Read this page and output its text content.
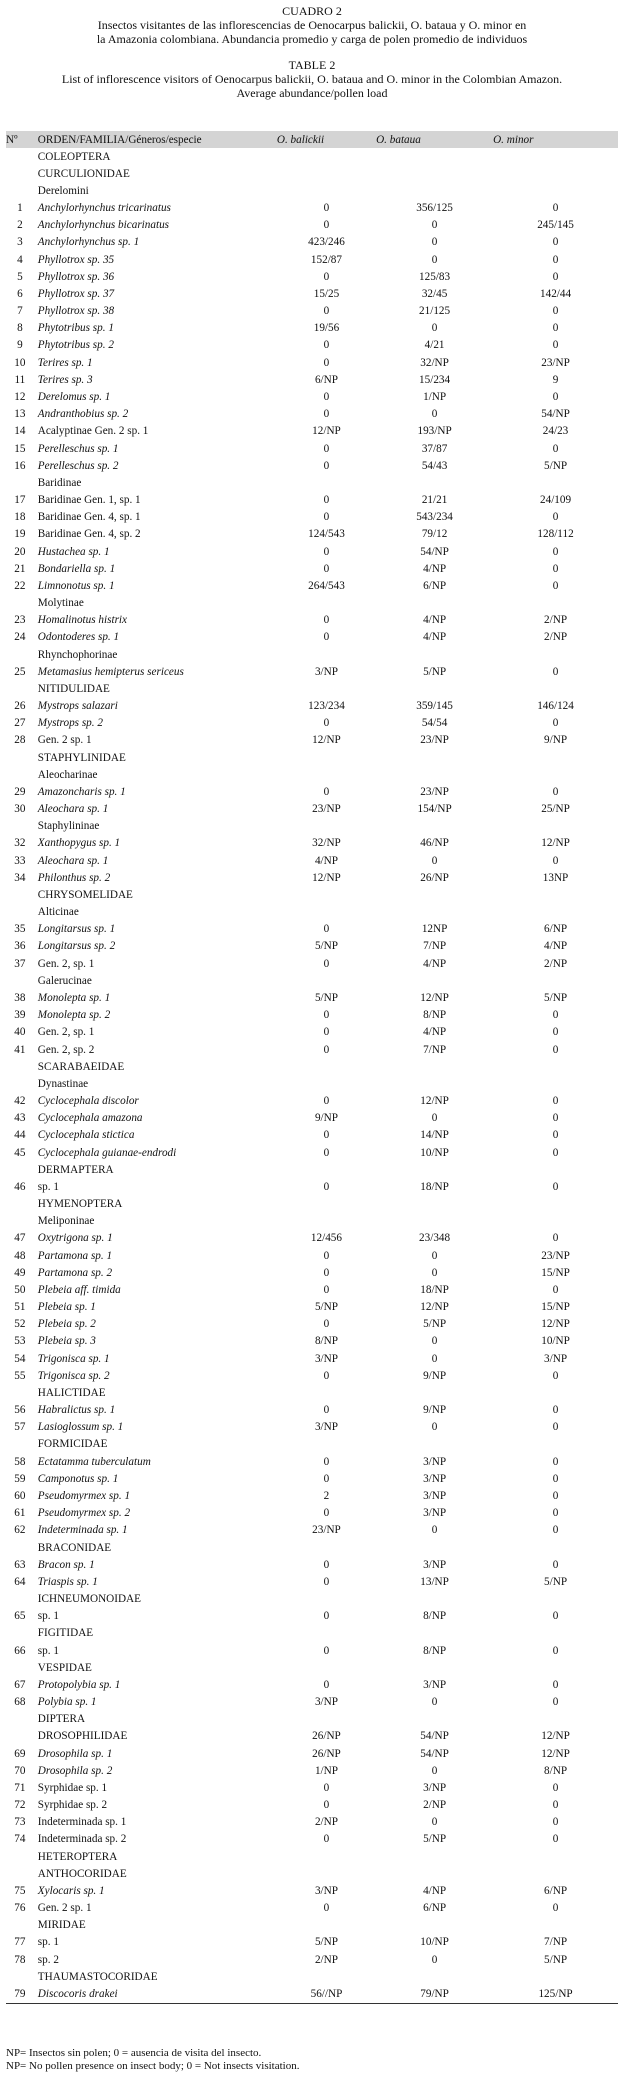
CUADRO 2
Insectos visitantes de las inflorescencias de Oenocarpus balickii, O. bataua y O. minor en
la Amazonia colombiana. Abundancia promedio y carga de polen promedio de individuos
TABLE 2
List of inflorescence visitors of Oenocarpus balickii, O. bataua and O. minor in the Colombian Amazon.
Average abundance/pollen load
Nº	ORDEN/FAMILIA/Géneros/especie	O. balickii	O. bataua	O. minor
	COLEOPTERA			
	CURCULIONIDAE			
	Derelomini			
1	Anchylorhynchus tricarinatus	0	356/125	0
2	Anchylorhynchus bicarinatus	0	0	245/145
3	Anchylorhynchus sp. 1	423/246	0	0
4	Phyllotrox sp. 35	152/87	0	0
5	Phyllotrox sp. 36	0	125/83	0
6	Phyllotrox sp. 37	15/25	32/45	142/44
7	Phyllotrox sp. 38	0	21/125	0
8	Phytotribus sp. 1	19/56	0	0
9	Phytotribus sp. 2	0	4/21	0
10	Terires sp. 1	0	32/NP	23/NP
11	Terires sp. 3	6/NP	15/234	9
12	Derelomus sp. 1	0	1/NP	0
13	Andranthobius sp. 2	0	0	54/NP
14	Acalyptinae Gen. 2 sp. 1	12/NP	193/NP	24/23
15	Perelleschus sp. 1	0	37/87	0
16	Perelleschus sp. 2	0	54/43	5/NP
	Baridinae			
17	Baridinae Gen. 1, sp. 1	0	21/21	24/109
18	Baridinae Gen. 4, sp. 1	0	543/234	0
19	Baridinae Gen. 4, sp. 2	124/543	79/12	128/112
20	Hustachea sp. 1	0	54/NP	0
21	Bondariella sp. 1	0	4/NP	0
22	Limnonotus sp. 1	264/543	6/NP	0
	Molytinae			
23	Homalinotus histrix	0	4/NP	2/NP
24	Odontoderes sp. 1	0	4/NP	2/NP
	Rhynchophorinae			
25	Metamasius hemipterus sericeus	3/NP	5/NP	0
	NITIDULIDAE			
26	Mystrops salazari	123/234	359/145	146/124
27	Mystrops sp. 2	0	54/54	0
28	Gen. 2 sp. 1	12/NP	23/NP	9/NP
	STAPHYLINIDAE			
	Aleocharinae			
29	Amazoncharis sp. 1	0	23/NP	0
30	Aleochara sp. 1	23/NP	154/NP	25/NP
	Staphylininae			
32	Xanthopygus sp. 1	32/NP	46/NP	12/NP
33	Aleochara sp. 1	4/NP	0	0
34	Philonthus sp. 2	12/NP	26/NP	13NP
	CHRYSOMELIDAE			
	Alticinae			
35	Longitarsus sp. 1	0	12NP	6/NP
36	Longitarsus sp. 2	5/NP	7/NP	4/NP
37	Gen. 2, sp. 1	0	4/NP	2/NP
	Galerucinae			
38	Monolepta sp. 1	5/NP	12/NP	5/NP
39	Monolepta sp. 2	0	8/NP	0
40	Gen. 2, sp. 1	0	4/NP	0
41	Gen. 2, sp. 2	0	7/NP	0
	SCARABAEIDAE			
	Dynastinae			
42	Cyclocephala discolor	0	12/NP	0
43	Cyclocephala amazona	9/NP	0	0
44	Cyclocephala stictica	0	14/NP	0
45	Cyclocephala guianae-endrodi	0	10/NP	0
	DERMAPTERA			
46	sp. 1	0	18/NP	0
	HYMENOPTERA			
	Meliponinae			
47	Oxytrigona sp. 1	12/456	23/348	0
48	Partamona sp. 1	0	0	23/NP
49	Partamona sp. 2	0	0	15/NP
50	Plebeia aff. timida	0	18/NP	0
51	Plebeia sp. 1	5/NP	12/NP	15/NP
52	Plebeia sp. 2	0	5/NP	12/NP
53	Plebeia sp. 3	8/NP	0	10/NP
54	Trigonisca sp. 1	3/NP	0	3/NP
55	Trigonisca sp. 2	0	9/NP	0
	HALICTIDAE			
56	Habralictus sp. 1	0	9/NP	0
57	Lasioglossum sp. 1	3/NP	0	0
	FORMICIDAE			
58	Ectatamma tuberculatum	0	3/NP	0
59	Camponotus sp. 1	0	3/NP	0
60	Pseudomyrmex sp. 1	2	3/NP	0
61	Pseudomyrmex sp. 2	0	3/NP	0
62	Indeterminada sp. 1	23/NP	0	0
	BRACONIDAE			
63	Bracon sp. 1	0	3/NP	0
64	Triaspis sp. 1	0	13/NP	5/NP
	ICHNEUMONOIDAE			
65	sp. 1	0	8/NP	0
	FIGITIDAE			
66	sp. 1	0	8/NP	0
	VESPIDAE			
67	Protopolybia sp. 1	0	3/NP	0
68	Polybia sp. 1	3/NP	0	0
	DIPTERA			
	DROSOPHILIDAE	26/NP	54/NP	12/NP
69	Drosophila sp. 1	26/NP	54/NP	12/NP
70	Drosophila sp. 2	1/NP	0	8/NP
71	Syrphidae sp. 1	0	3/NP	0
72	Syrphidae sp. 2	0	2/NP	0
73	Indeterminada sp. 1	2/NP	0	0
74	Indeterminada sp. 2	0	5/NP	0
	HETEROPTERA			
	ANTHOCORIDAE			
75	Xylocaris sp. 1	3/NP	4/NP	6/NP
76	Gen. 2 sp. 1	0	6/NP	0
	MIRIDAE			
77	sp. 1	5/NP	10/NP	7/NP
78	sp. 2	2/NP	0	5/NP
	THAUMASTOCORIDAE			
79	Discocoris drakei	56//NP	79/NP	125/NP
NP= Insectos sin polen; 0 = ausencia de visita del insecto.
NP= No pollen presence on insect body; 0 = Not insects visitation.
